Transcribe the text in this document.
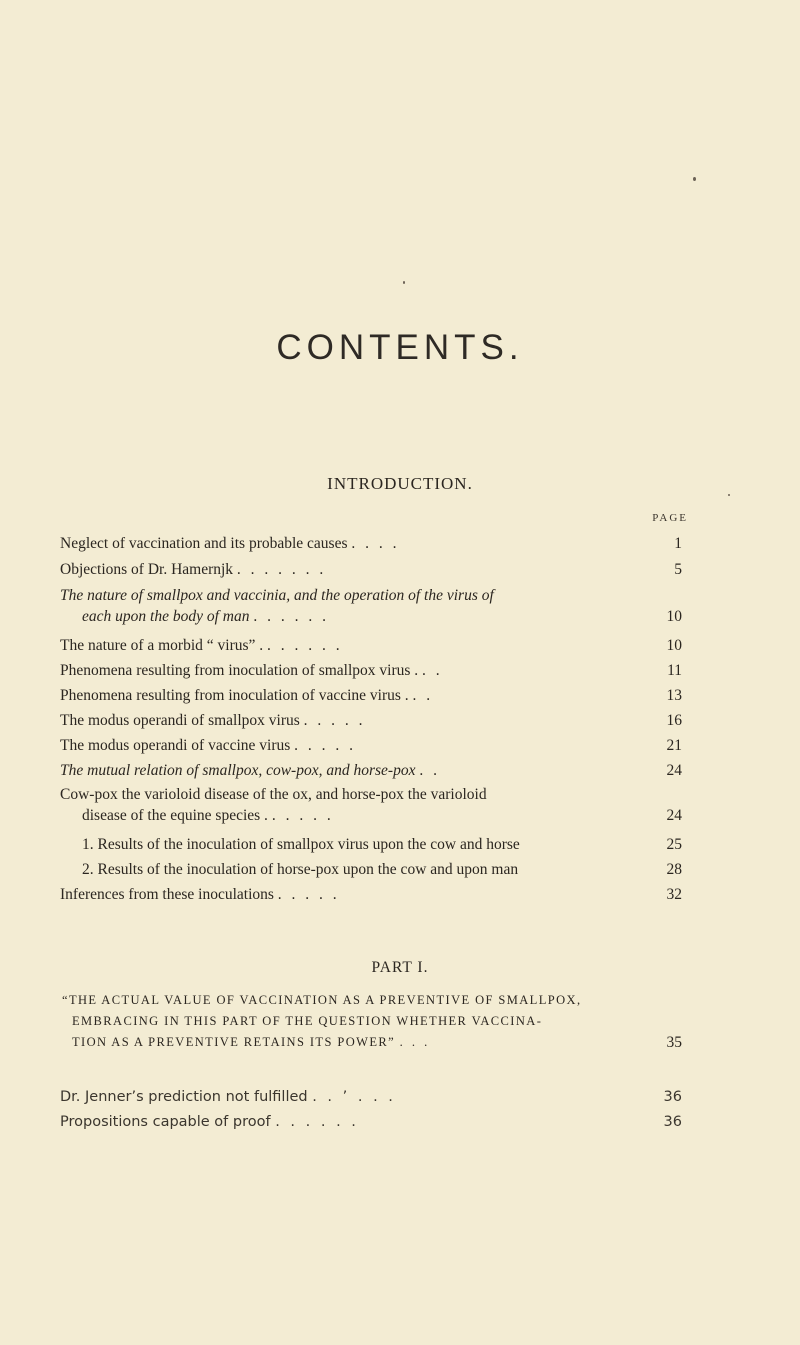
CONTENTS.
INTRODUCTION.
PAGE
Neglect of vaccination and its probable causes . . . .	1
Objections of Dr. Hamernjk . . . . . . .	5
The nature of smallpox and vaccinia, and the operation of the virus of
each upon the body of man . . . . . .	10
The nature of a morbid “ virus” . . . . . . .	10
Phenomena resulting from inoculation of smallpox virus . . .	11
Phenomena resulting from inoculation of vaccine virus . . .	13
The modus operandi of smallpox virus . . . . .	16
The modus operandi of vaccine virus . . . . .	21
The mutual relation of smallpox, cow-pox, and horse-pox . .	24
Cow-pox the varioloid disease of the ox, and horse-pox the varioloid
disease of the equine species . . . . . .	24
1. Results of the inoculation of smallpox virus upon the cow and horse	25
2. Results of the inoculation of horse-pox upon the cow and upon man	28
Inferences from these inoculations . . . . .	32
PART I.
“THE ACTUAL VALUE OF VACCINATION AS A PREVENTIVE OF SMALLPOX,
EMBRACING IN THIS PART OF THE QUESTION WHETHER VACCINA-
TION AS A PREVENTIVE RETAINS ITS POWER” . . .	35
Dr. Jenner’s prediction not fulfilled . . ’ . . .	36
Propositions capable of proof . . . . . .	36
